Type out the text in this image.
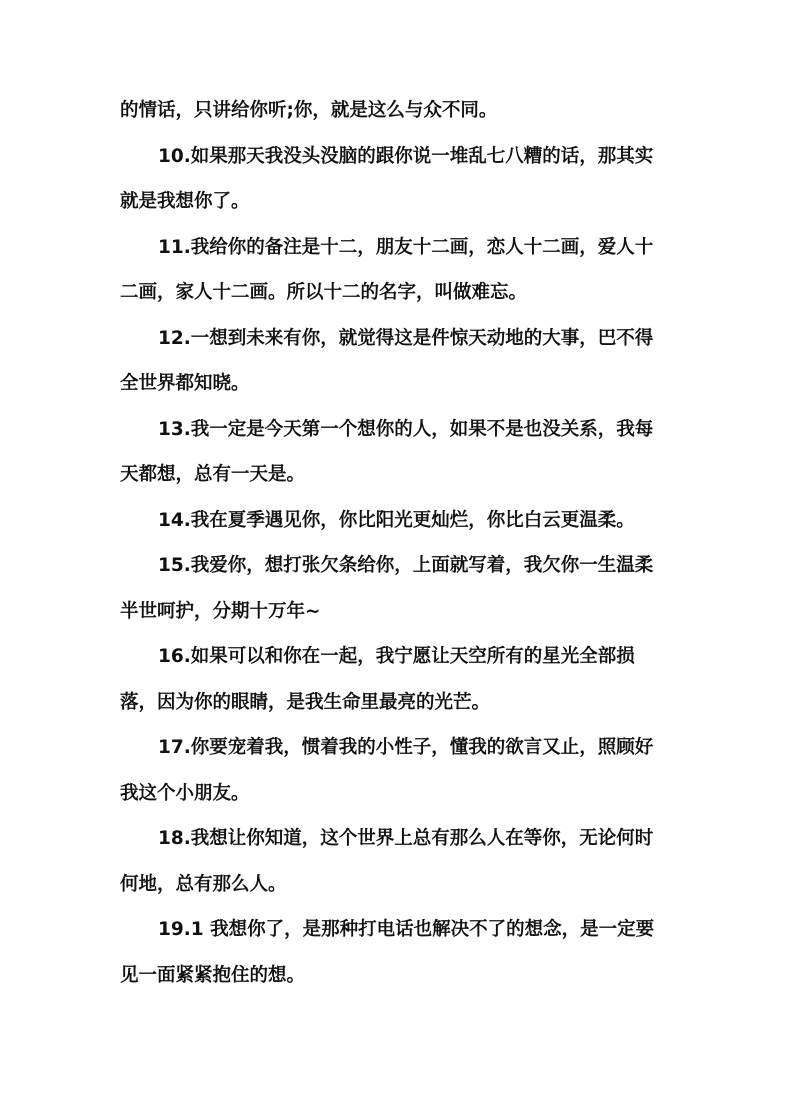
的情话，只讲给你听;你，就是这么与众不同。
10.如果那天我没头没脑的跟你说一堆乱七八糟的话，那其实
就是我想你了。
11.我给你的备注是十二，朋友十二画，恋人十二画，爱人十
二画，家人十二画。所以十二的名字，叫做难忘。
12.一想到未来有你，就觉得这是件惊天动地的大事，巴不得
全世界都知晓。
13.我一定是今天第一个想你的人，如果不是也没关系，我每
天都想，总有一天是。
14.我在夏季遇见你，你比阳光更灿烂，你比白云更温柔。
15.我爱你，想打张欠条给你，上面就写着，我欠你一生温柔
半世呵护，分期十万年~
16.如果可以和你在一起，我宁愿让天空所有的星光全部损
落，因为你的眼睛，是我生命里最亮的光芒。
17.你要宠着我，惯着我的小性子，懂我的欲言又止，照顾好
我这个小朋友。
18.我想让你知道，这个世界上总有那么人在等你，无论何时
何地，总有那么人。
19.1 我想你了，是那种打电话也解决不了的想念，是一定要
见一面紧紧抱住的想。
